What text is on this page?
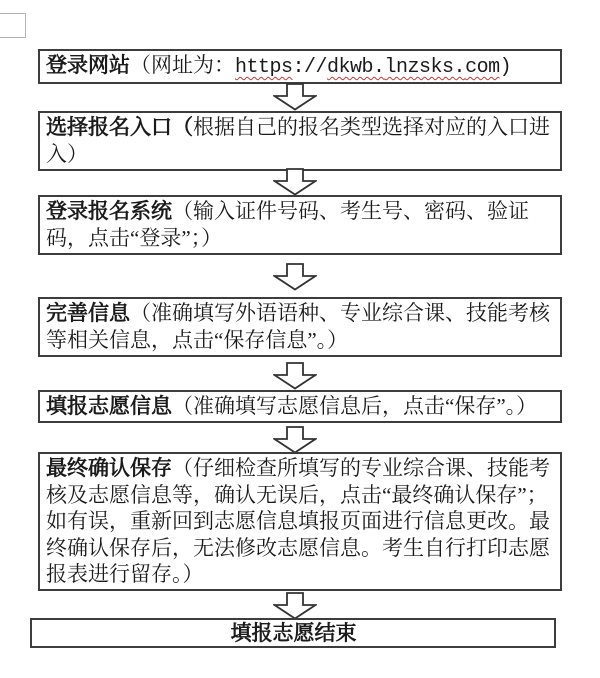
登录网站（网址为：https://dkwb.lnzsks.com)
选择报名入口（根据自己的报名类型选择对应的入口进入）
登录报名系统（输入证件号码、考生号、密码、验证码，点击“登录”；）
完善信息（准确填写外语语种、专业综合课、技能考核等相关信息，点击“保存信息”。）
填报志愿信息（准确填写志愿信息后，点击“保存”。）
最终确认保存（仔细检查所填写的专业综合课、技能考核及志愿信息等，确认无误后，点击“最终确认保存”；如有误，重新回到志愿信息填报页面进行信息更改。最终确认保存后，无法修改志愿信息。考生自行打印志愿报表进行留存。）
填报志愿结束
